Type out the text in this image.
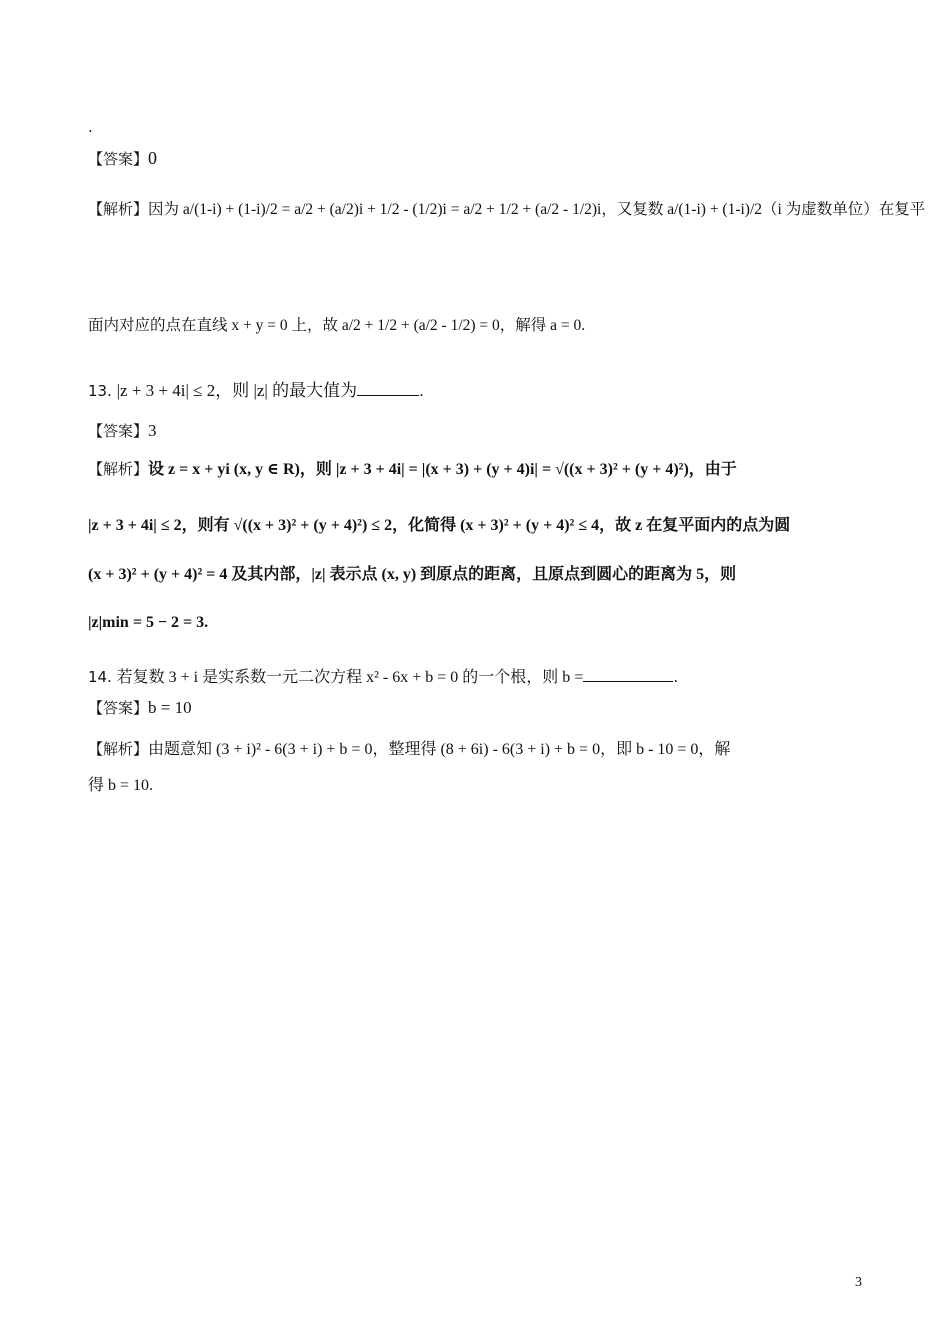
.
【答案】0
【解析】因为 a/(1-i) + (1-i)/2 = a/2 + (a/2)i + 1/2 - (1/2)i = a/2 + 1/2 + (a/2 - 1/2)i，又复数 a/(1-i) + (1-i)/2（i 为虚数单位）在复平
面内对应的点在直线 x + y = 0 上，故 a/2 + 1/2 + (a/2 - 1/2) = 0，解得 a = 0.
13. |z + 3 + 4i| ≤ 2，则 |z| 的最大值为	.
【答案】3
【解析】设 z = x + yi (x, y ∈ R)，则 |z + 3 + 4i| = |(x + 3) + (y + 4)i| = √((x + 3)² + (y + 4)²)，由于
|z + 3 + 4i| ≤ 2，则有 √((x + 3)² + (y + 4)²) ≤ 2，化简得 (x + 3)² + (y + 4)² ≤ 4，故 z 在复平面内的点为圆
(x + 3)² + (y + 4)² = 4 及其内部，|z| 表示点 (x, y) 到原点的距离，且原点到圆心的距离为 5，则
|z|min = 5 − 2 = 3.
14. 若复数 3 + i 是实系数一元二次方程 x² - 6x + b = 0 的一个根，则 b =	.
【答案】b = 10
【解析】由题意知 (3 + i)² - 6(3 + i) + b = 0，整理得 (8 + 6i) - 6(3 + i) + b = 0，即 b - 10 = 0，解
得 b = 10.
3
